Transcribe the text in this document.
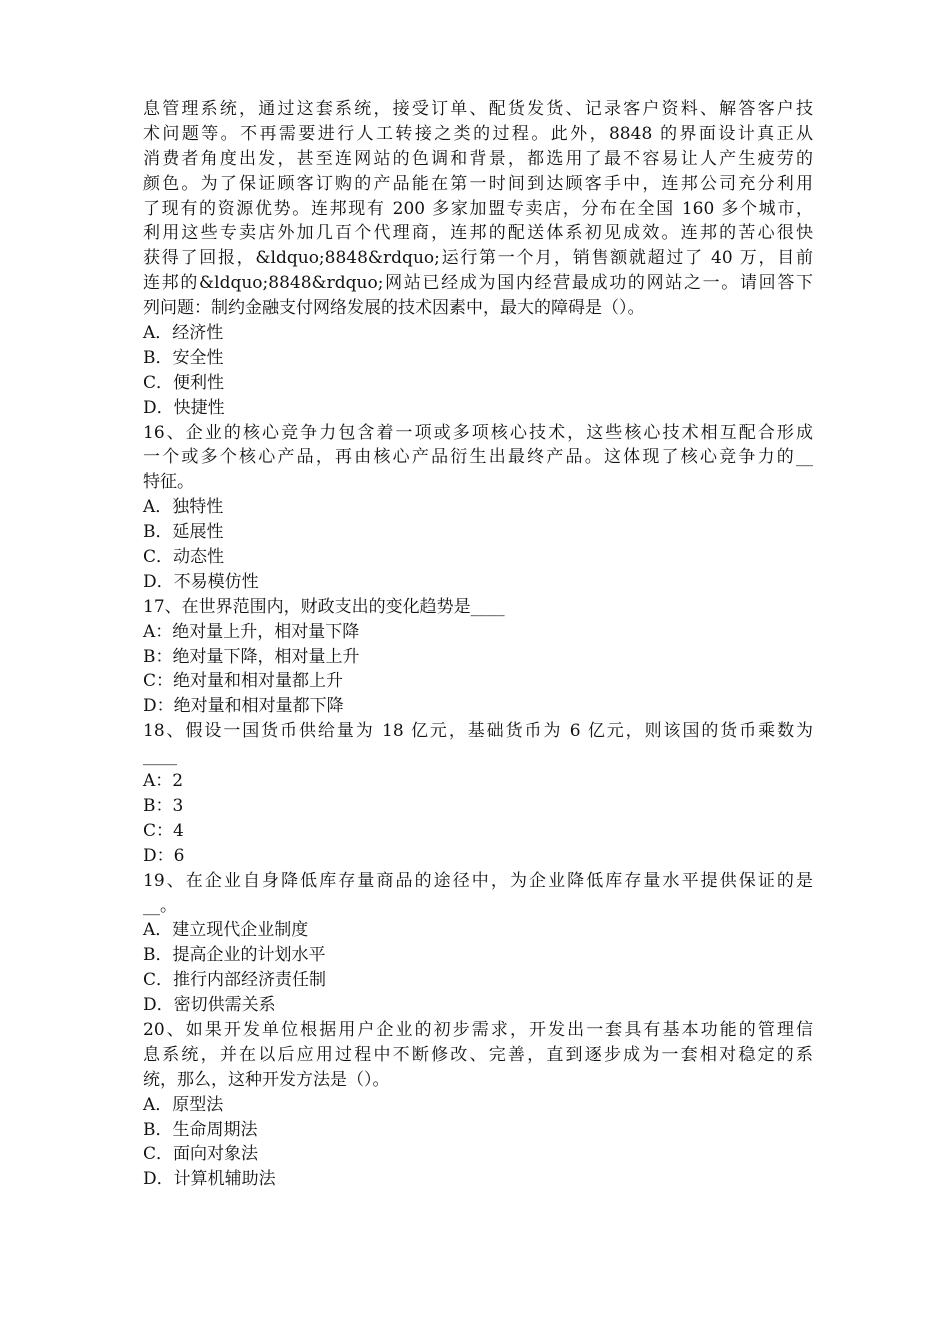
息管理系统，通过这套系统，接受订单、配货发货、记录客户资料、解答客户技
术问题等。不再需要进行人工转接之类的过程。此外，8848 的界面设计真正从
消费者角度出发，甚至连网站的色调和背景，都选用了最不容易让人产生疲劳的
颜色。为了保证顾客订购的产品能在第一时间到达顾客手中，连邦公司充分利用
了现有的资源优势。连邦现有 200 多家加盟专卖店，分布在全国 160 多个城市，
利用这些专卖店外加几百个代理商，连邦的配送体系初见成效。连邦的苦心很快
获得了回报，&ldquo;8848&rdquo;运行第一个月，销售额就超过了 40 万，目前
连邦的&ldquo;8848&rdquo;网站已经成为国内经营最成功的网站之一。请回答下
列问题：制约金融支付网络发展的技术因素中，最大的障碍是（）。
A．经济性
B．安全性
C．便利性
D．快捷性
16、企业的核心竞争力包含着一项或多项核心技术，这些核心技术相互配合形成
一个或多个核心产品，再由核心产品衍生出最终产品。这体现了核心竞争力的__
特征。
A．独特性
B．延展性
C．动态性
D．不易模仿性
17、在世界范围内，财政支出的变化趋势是____
A：绝对量上升，相对量下降
B：绝对量下降，相对量上升
C：绝对量和相对量都上升
D：绝对量和相对量都下降
18、假设一国货币供给量为 18 亿元，基础货币为 6 亿元，则该国的货币乘数为
____
A：2
B：3
C：4
D：6
19、在企业自身降低库存量商品的途径中，为企业降低库存量水平提供保证的是
__。
A．建立现代企业制度
B．提高企业的计划水平
C．推行内部经济责任制
D．密切供需关系
20、如果开发单位根据用户企业的初步需求，开发出一套具有基本功能的管理信
息系统，并在以后应用过程中不断修改、完善，直到逐步成为一套相对稳定的系
统，那么，这种开发方法是（）。
A．原型法
B．生命周期法
C．面向对象法
D．计算机辅助法
